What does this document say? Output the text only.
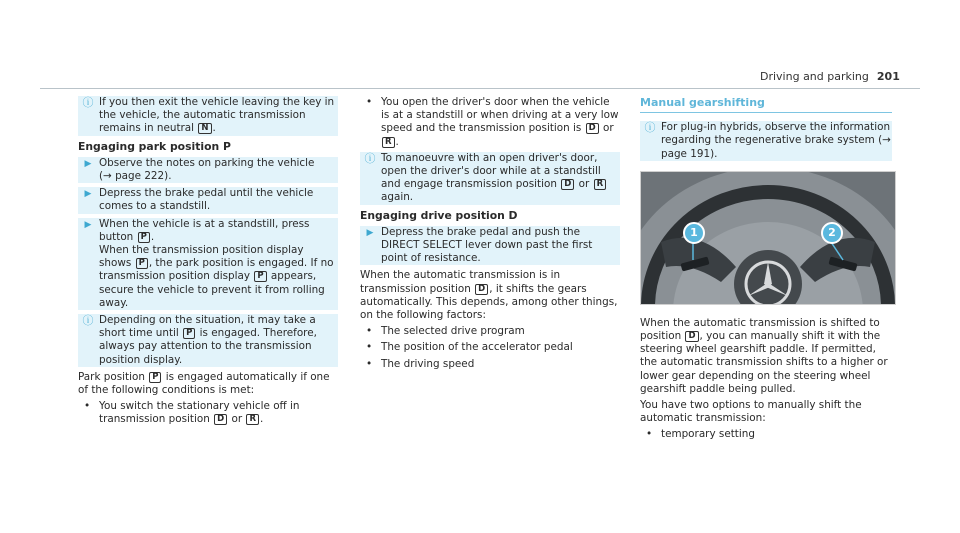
Driving and parking 201
ⓘ If you then exit the vehicle leaving the key in the vehicle, the automatic transmission remains in neutral N .
Engaging park position P
▶ Observe the notes on parking the vehicle
(→ page 222).
▶ Depress the brake pedal until the vehicle comes to a standstill.
▶ When the vehicle is at a standstill, press button P .
When the transmission position display shows P , the park position is engaged. If no transmission position display P appears, secure the vehicle to prevent it from rolling away.
ⓘ Depending on the situation, it may take a short time until P is engaged. Therefore, always pay attention to the transmission position display.
Park position P is engaged automatically if one of the following conditions is met:
• You switch the stationary vehicle off in transmission position D or R .
• You open the driver's door when the vehicle is at a standstill or when driving at a very low speed and the transmission position is D or R .
ⓘ To manoeuvre with an open driver's door, open the driver's door while at a standstill and engage transmission position D or R again.
Engaging drive position D
▶ Depress the brake pedal and push the DIRECT SELECT lever down past the first point of resistance.
When the automatic transmission is in transmission position D , it shifts the gears automatically. This depends, among other things, on the following factors:
• The selected drive program
• The position of the accelerator pedal
• The driving speed
Manual gearshifting
ⓘ For plug-in hybrids, observe the information regarding the regenerative brake system (→ page 191).
1	2
When the automatic transmission is shifted to position D , you can manually shift it with the steering wheel gearshift paddle. If permitted, the automatic transmission shifts to a higher or lower gear depending on the steering wheel gearshift paddle being pulled.
You have two options to manually shift the automatic transmission:
• temporary setting
